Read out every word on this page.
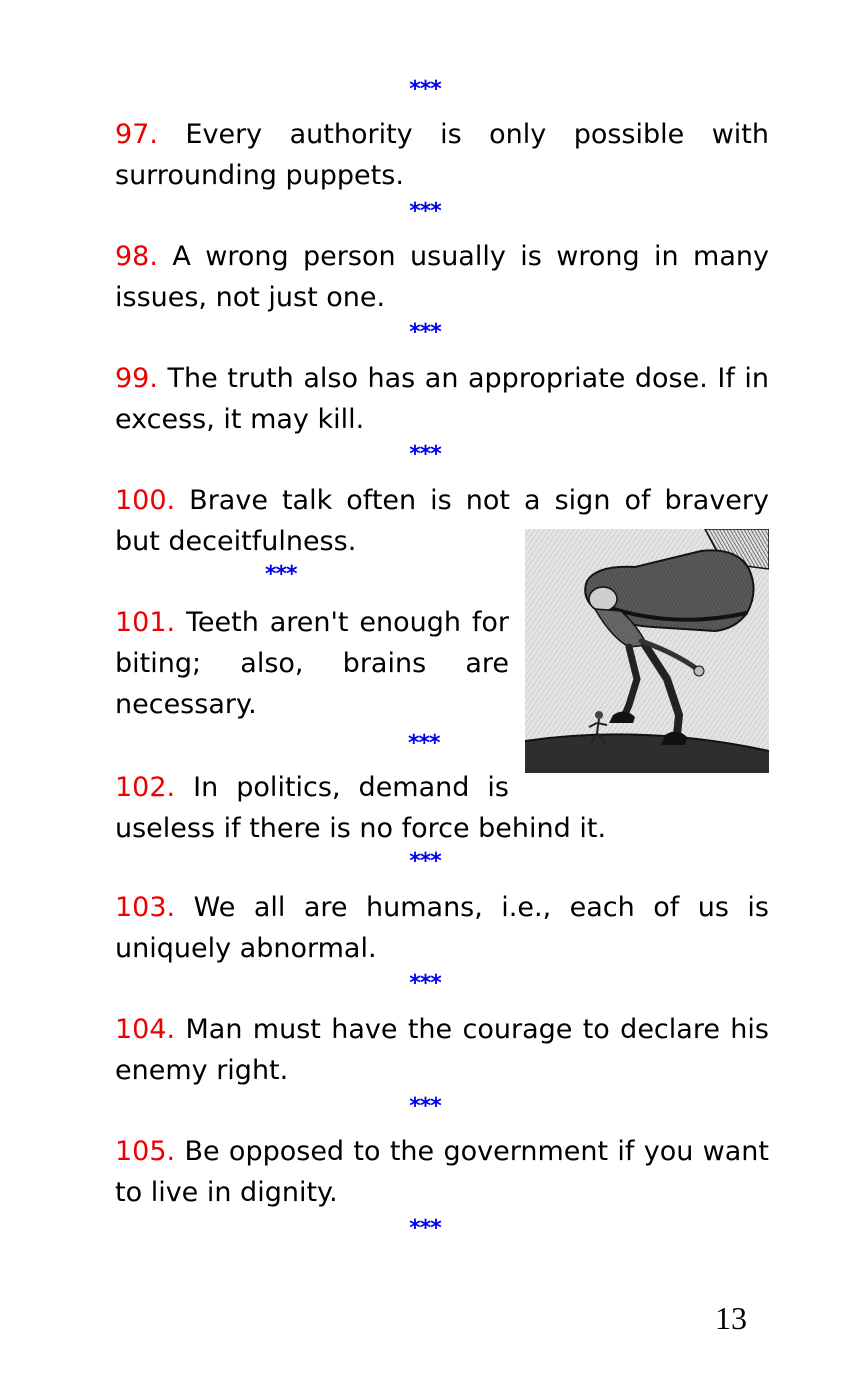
***

97. Every authority is only possible with surrounding puppets.

***

98. A wrong person usually is wrong in many issues, not just one.

***

99. The truth also has an appropriate dose. If in excess, it may kill.

***
100. Brave talk often is not a sign of bravery but deceitfulness.
***
101. Teeth aren't enough for biting; also, brains are necessary.
***
102. In politics, demand is useless if there is no force behind it.
***

103. We all are humans, i.e., each of us is uniquely abnormal.

***

104. Man must have the courage to declare his enemy right.

***

105. Be opposed to the government if you want to live in dignity.

***
13
